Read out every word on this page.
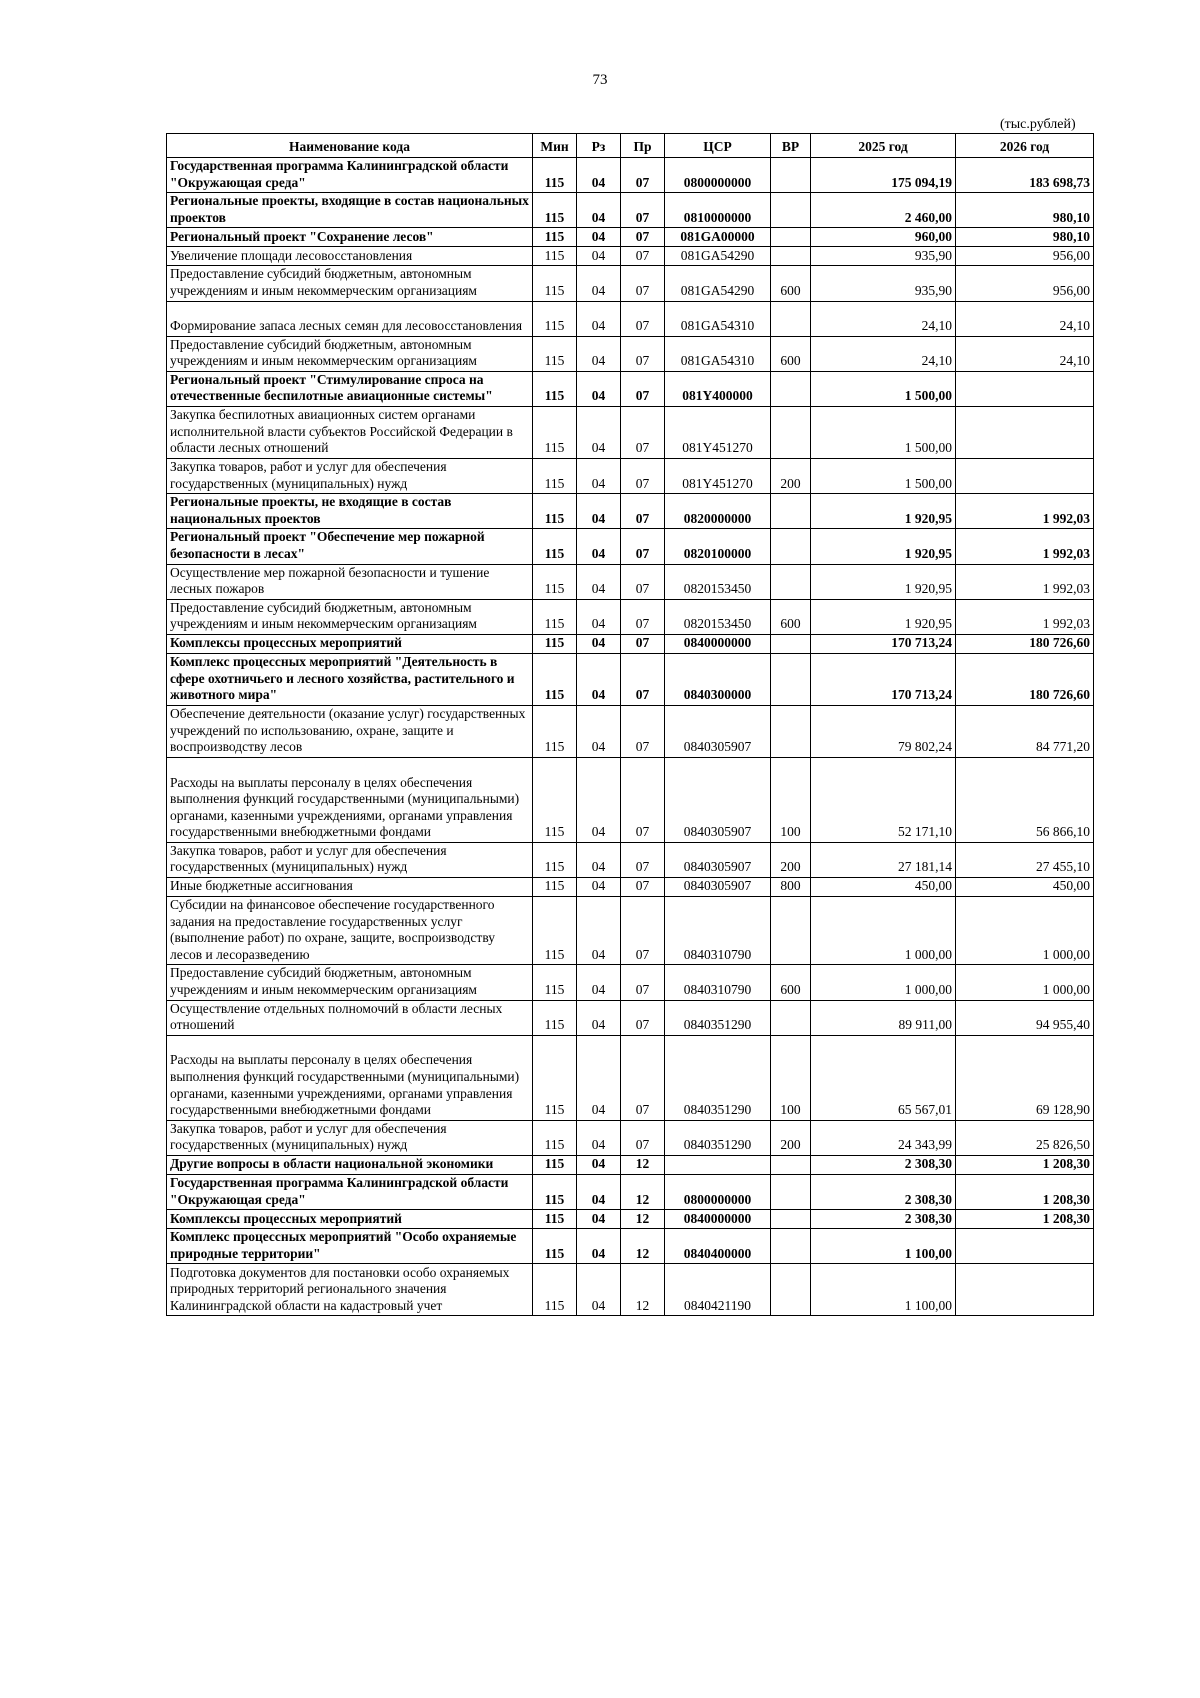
73
(тыс.рублей)
Наименование кода	Мин	Рз	Пр	ЦСР	ВР	2025 год	2026 год
Государственная программа Калининградской области "Окружающая среда"	115	04	07	0800000000		175 094,19	183 698,73
Региональные проекты, входящие в состав национальных проектов	115	04	07	0810000000		2 460,00	980,10
Региональный проект "Сохранение лесов"	115	04	07	081GA00000		960,00	980,10
Увеличение площади лесовосстановления	115	04	07	081GA54290		935,90	956,00
Предоставление субсидий бюджетным, автономным учреждениям и иным некоммерческим организациям	115	04	07	081GA54290	600	935,90	956,00
Формирование запаса лесных семян для лесовосстановления	115	04	07	081GA54310		24,10	24,10
Предоставление субсидий бюджетным, автономным учреждениям и иным некоммерческим организациям	115	04	07	081GA54310	600	24,10	24,10
Региональный проект "Стимулирование спроса на отечественные беспилотные авиационные системы"	115	04	07	081Y400000		1 500,00	
Закупка беспилотных авиационных систем органами исполнительной власти субъектов Российской Федерации в области лесных отношений	115	04	07	081Y451270		1 500,00	
Закупка товаров, работ и услуг для обеспечения государственных (муниципальных) нужд	115	04	07	081Y451270	200	1 500,00	
Региональные проекты, не входящие в состав национальных проектов	115	04	07	0820000000		1 920,95	1 992,03
Региональный проект "Обеспечение мер пожарной безопасности в лесах"	115	04	07	0820100000		1 920,95	1 992,03
Осуществление мер пожарной безопасности и тушение лесных пожаров	115	04	07	0820153450		1 920,95	1 992,03
Предоставление субсидий бюджетным, автономным учреждениям и иным некоммерческим организациям	115	04	07	0820153450	600	1 920,95	1 992,03
Комплексы процессных мероприятий	115	04	07	0840000000		170 713,24	180 726,60
Комплекс процессных мероприятий "Деятельность в сфере охотничьего и лесного хозяйства, растительного и животного мира"	115	04	07	0840300000		170 713,24	180 726,60
Обеспечение деятельности (оказание услуг) государственных учреждений по использованию, охране, защите и воспроизводству лесов	115	04	07	0840305907		79 802,24	84 771,20
Расходы на выплаты персоналу в целях обеспечения выполнения функций государственными (муниципальными) органами, казенными учреждениями, органами управления государственными внебюджетными фондами	115	04	07	0840305907	100	52 171,10	56 866,10
Закупка товаров, работ и услуг для обеспечения государственных (муниципальных) нужд	115	04	07	0840305907	200	27 181,14	27 455,10
Иные бюджетные ассигнования	115	04	07	0840305907	800	450,00	450,00
Субсидии на финансовое обеспечение государственного задания на предоставление государственных услуг (выполнение работ) по охране, защите, воспроизводству лесов и лесоразведению	115	04	07	0840310790		1 000,00	1 000,00
Предоставление субсидий бюджетным, автономным учреждениям и иным некоммерческим организациям	115	04	07	0840310790	600	1 000,00	1 000,00
Осуществление отдельных полномочий в области лесных отношений	115	04	07	0840351290		89 911,00	94 955,40
Расходы на выплаты персоналу в целях обеспечения выполнения функций государственными (муниципальными) органами, казенными учреждениями, органами управления государственными внебюджетными фондами	115	04	07	0840351290	100	65 567,01	69 128,90
Закупка товаров, работ и услуг для обеспечения государственных (муниципальных) нужд	115	04	07	0840351290	200	24 343,99	25 826,50
Другие вопросы в области национальной экономики	115	04	12			2 308,30	1 208,30
Государственная программа Калининградской области "Окружающая среда"	115	04	12	0800000000		2 308,30	1 208,30
Комплексы процессных мероприятий	115	04	12	0840000000		2 308,30	1 208,30
Комплекс процессных мероприятий "Особо охраняемые природные территории"	115	04	12	0840400000		1 100,00	
Подготовка документов для постановки особо охраняемых природных территорий регионального значения Калининградской области на кадастровый учет	115	04	12	0840421190		1 100,00	
